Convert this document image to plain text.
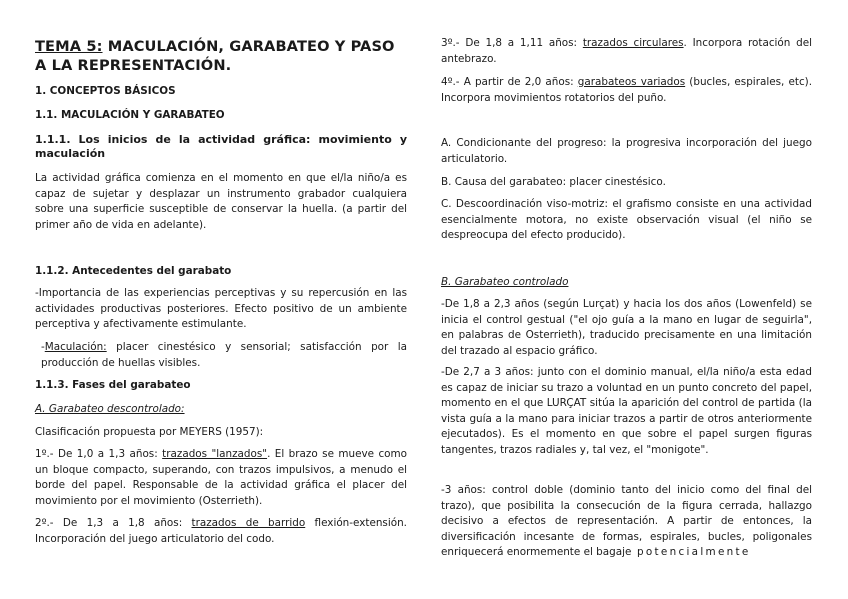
TEMA 5: MACULACIÓN, GARABATEO Y PASO A LA REPRESENTACIÓN.

1. CONCEPTOS BÁSICOS

1.1. MACULACIÓN Y GARABATEO

1.1.1. Los inicios de la actividad gráfica: movimiento y maculación

La actividad gráfica comienza en el momento en que el/la niño/a es capaz de sujetar y desplazar un instrumento grabador cualquiera sobre una superficie susceptible de conservar la huella. (a partir del primer año de vida en adelante).

1.1.2. Antecedentes del garabato

-Importancia de las experiencias perceptivas y su repercusión en las actividades productivas posteriores. Efecto positivo de un ambiente perceptiva y afectivamente estimulante.

-Maculación: placer cinestésico y sensorial; satisfacción por la producción de huellas visibles.

1.1.3. Fases del garabateo

A. Garabateo descontrolado:

Clasificación propuesta por MEYERS (1957):

1º.- De 1,0 a 1,3 años: trazados "lanzados". El brazo se mueve como un bloque compacto, superando, con trazos impulsivos, a menudo el borde del papel. Responsable de la actividad gráfica el placer del movimiento por el movimiento (Osterrieth).

2º.- De 1,3 a 1,8 años: trazados de barrido flexión-extensión. Incorporación del juego articulatorio del codo.

3º.- De 1,8 a 1,11 años: trazados circulares. Incorpora rotación del antebrazo.

4º.- A partir de 2,0 años: garabateos variados (bucles, espirales, etc). Incorpora movimientos rotatorios del puño.

A. Condicionante del progreso: la progresiva incorporación del juego articulatorio.

B. Causa del garabateo: placer cinestésico.

C. Descoordinación viso-motriz: el grafismo consiste en una actividad esencialmente motora, no existe observación visual (el niño se despreocupa del efecto producido).

B. Garabateo controlado

-De 1,8 a 2,3 años (según Lurçat) y hacia los dos años (Lowenfeld) se inicia el control gestual ("el ojo guía a la mano en lugar de seguirla", en palabras de Osterrieth), traducido precisamente en una limitación del trazado al espacio gráfico.

-De 2,7 a 3 años: junto con el dominio manual, el/la niño/a esta edad es capaz de iniciar su trazo a voluntad en un punto concreto del papel, momento en el que LURÇAT sitúa la aparición del control de partida (la vista guía a la mano para iniciar trazos a partir de otros anteriormente ejecutados). Es el momento en que sobre el papel surgen figuras tangentes, trazos radiales y, tal vez, el "monigote".

-3 años: control doble (dominio tanto del inicio como del final del trazo), que posibilita la consecución de la figura cerrada, hallazgo decisivo a efectos de representación. A partir de entonces, la diversificación incesante de formas, espirales, bucles, poligonales enriquecerá enormemente el bagaje potencialmente
